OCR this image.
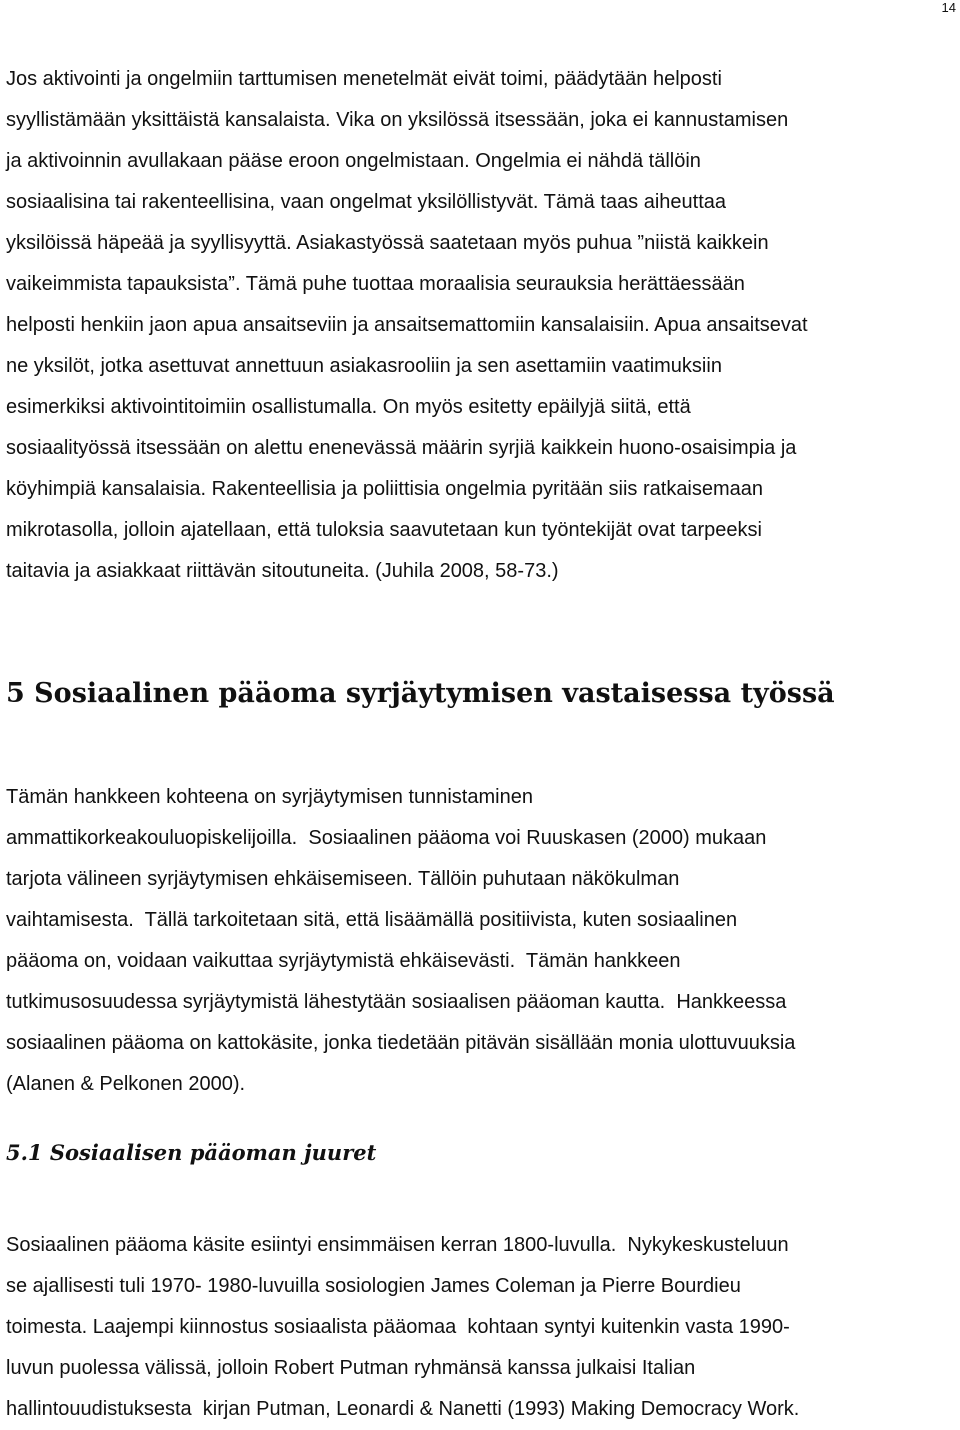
14
Jos aktivointi ja ongelmiin tarttumisen menetelmät eivät toimi, päädytään helposti
syyllistämään yksittäistä kansalaista. Vika on yksilössä itsessään, joka ei kannustamisen
ja aktivoinnin avullakaan pääse eroon ongelmistaan. Ongelmia ei nähdä tällöin
sosiaalisina tai rakenteellisina, vaan ongelmat yksilöllistyvät. Tämä taas aiheuttaa
yksilöissä häpeää ja syyllisyyttä. Asiakastyössä saatetaan myös puhua ”niistä kaikkein
vaikeimmista tapauksista”. Tämä puhe tuottaa moraalisia seurauksia herättäessään
helposti henkiin jaon apua ansaitseviin ja ansaitsemattomiin kansalaisiin. Apua ansaitsevat
ne yksilöt, jotka asettuvat annettuun asiakasrooliin ja sen asettamiin vaatimuksiin
esimerkiksi aktivointitoimiin osallistumalla. On myös esitetty epäilyjä siitä, että
sosiaalityössä itsessään on alettu enenevässä määrin syrjiä kaikkein huono-osaisimpia ja
köyhimpiä kansalaisia. Rakenteellisia ja poliittisia ongelmia pyritään siis ratkaisemaan
mikrotasolla, jolloin ajatellaan, että tuloksia saavutetaan kun työntekijät ovat tarpeeksi
taitavia ja asiakkaat riittävän sitoutuneita. (Juhila 2008, 58-73.)
5 Sosiaalinen pääoma syrjäytymisen vastaisessa työssä
Tämän hankkeen kohteena on syrjäytymisen tunnistaminen
ammattikorkeakouluopiskelijoilla.  Sosiaalinen pääoma voi Ruuskasen (2000) mukaan
tarjota välineen syrjäytymisen ehkäisemiseen. Tällöin puhutaan näkökulman
vaihtamisesta.  Tällä tarkoitetaan sitä, että lisäämällä positiivista, kuten sosiaalinen
pääoma on, voidaan vaikuttaa syrjäytymistä ehkäisevästi.  Tämän hankkeen
tutkimusosuudessa syrjäytymistä lähestytään sosiaalisen pääoman kautta.  Hankkeessa
sosiaalinen pääoma on kattokäsite, jonka tiedetään pitävän sisällään monia ulottuvuuksia
(Alanen & Pelkonen 2000).
5.1 Sosiaalisen pääoman juuret
Sosiaalinen pääoma käsite esiintyi ensimmäisen kerran 1800-luvulla.  Nykykeskusteluun
se ajallisesti tuli 1970- 1980-luvuilla sosiologien James Coleman ja Pierre Bourdieu
toimesta. Laajempi kiinnostus sosiaalista pääomaa  kohtaan syntyi kuitenkin vasta 1990-
luvun puolessa välissä, jolloin Robert Putman ryhmänsä kanssa julkaisi Italian
hallintouudistuksesta  kirjan Putman, Leonardi & Nanetti (1993) Making Democracy Work.
